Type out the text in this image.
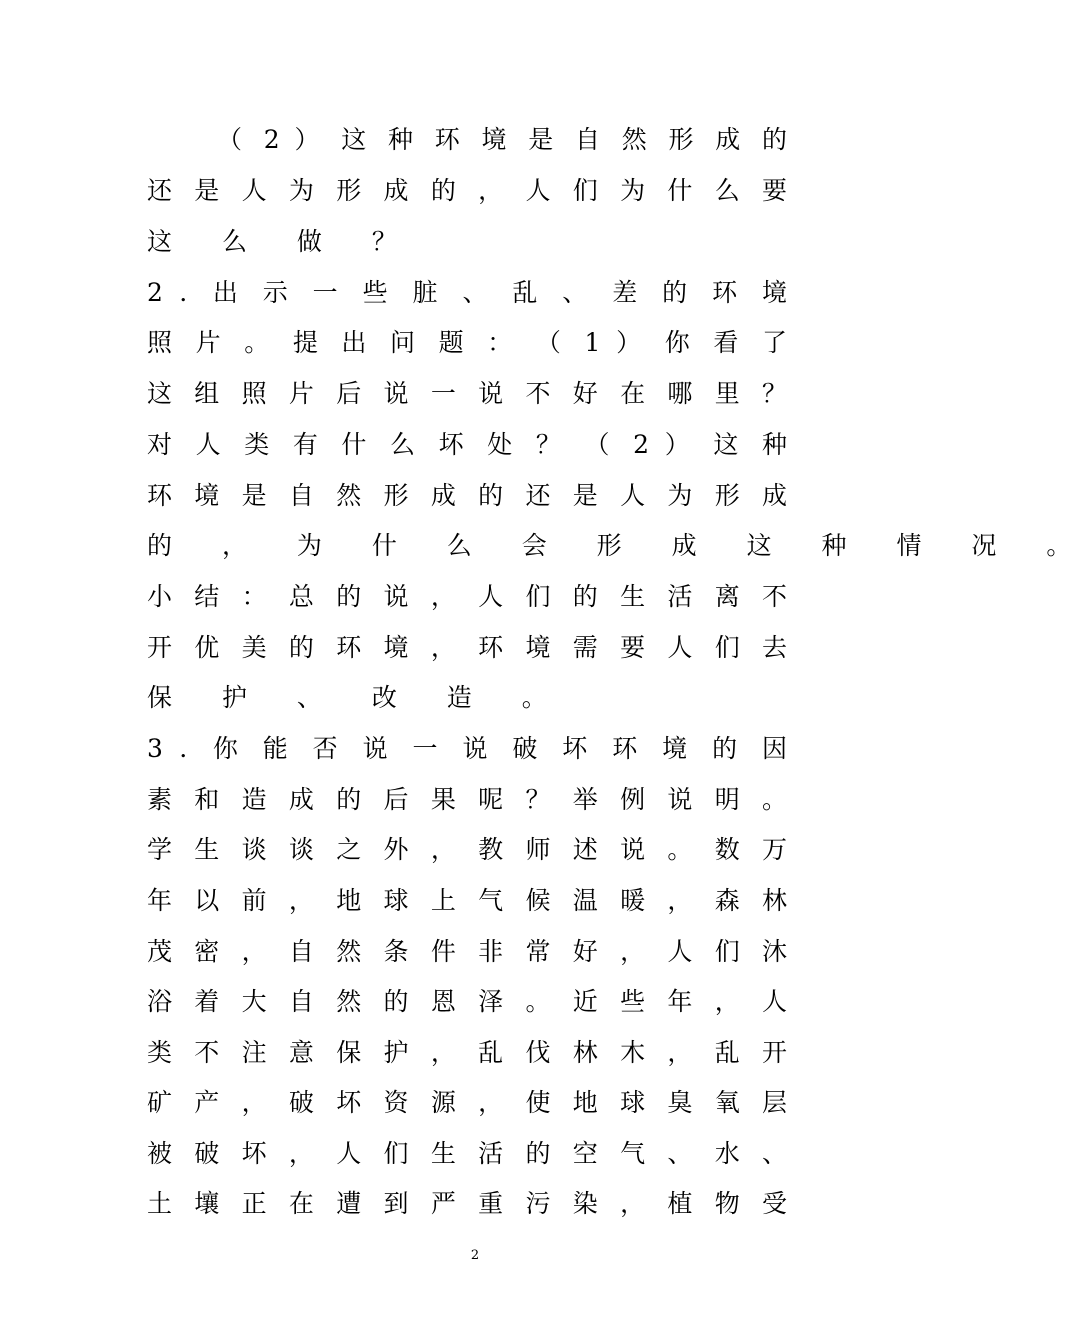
（ 2 ） 这 种 环 境 是 自 然 形 成 的
还 是 人 为 形 成 的 ， 人 们 为 什 么 要
这 么 做 ？
2 ．出 示 一 些 脏 、 乱 、 差 的 环 境
照 片 。 提 出 问 题 ： （ 1 ） 你 看 了
这 组 照 片 后 说 一 说 不 好 在 哪 里 ？
对 人 类 有 什 么 坏 处 ？ （ 2 ） 这 种
环 境 是 自 然 形 成 的 还 是 人 为 形 成
的 ， 为 什 么 会 形 成 这 种 情 况 。
小 结 ： 总 的 说 ， 人 们 的 生 活 离 不
开 优 美 的 环 境 ， 环 境 需 要 人 们 去
保 护 、 改 造 。
3 ．你 能 否 说 一 说 破 坏 环 境 的 因
素 和 造 成 的 后 果 呢 ？ 举 例 说 明 。
学 生 谈 谈 之 外 ， 教 师 述 说 。 数 万
年 以 前 ， 地 球 上 气 候 温 暖 ， 森 林
茂 密 ， 自 然 条 件 非 常 好 ， 人 们 沐
浴 着 大 自 然 的 恩 泽 。 近 些 年 ， 人
类 不 注 意 保 护 ， 乱 伐 林 木 ， 乱 开
矿 产 ， 破 坏 资 源 ， 使 地 球 臭 氧 层
被 破 坏 ， 人 们 生 活 的 空 气 、 水 、
土 壤 正 在 遭 到 严 重 污 染 ， 植 物 受
2
